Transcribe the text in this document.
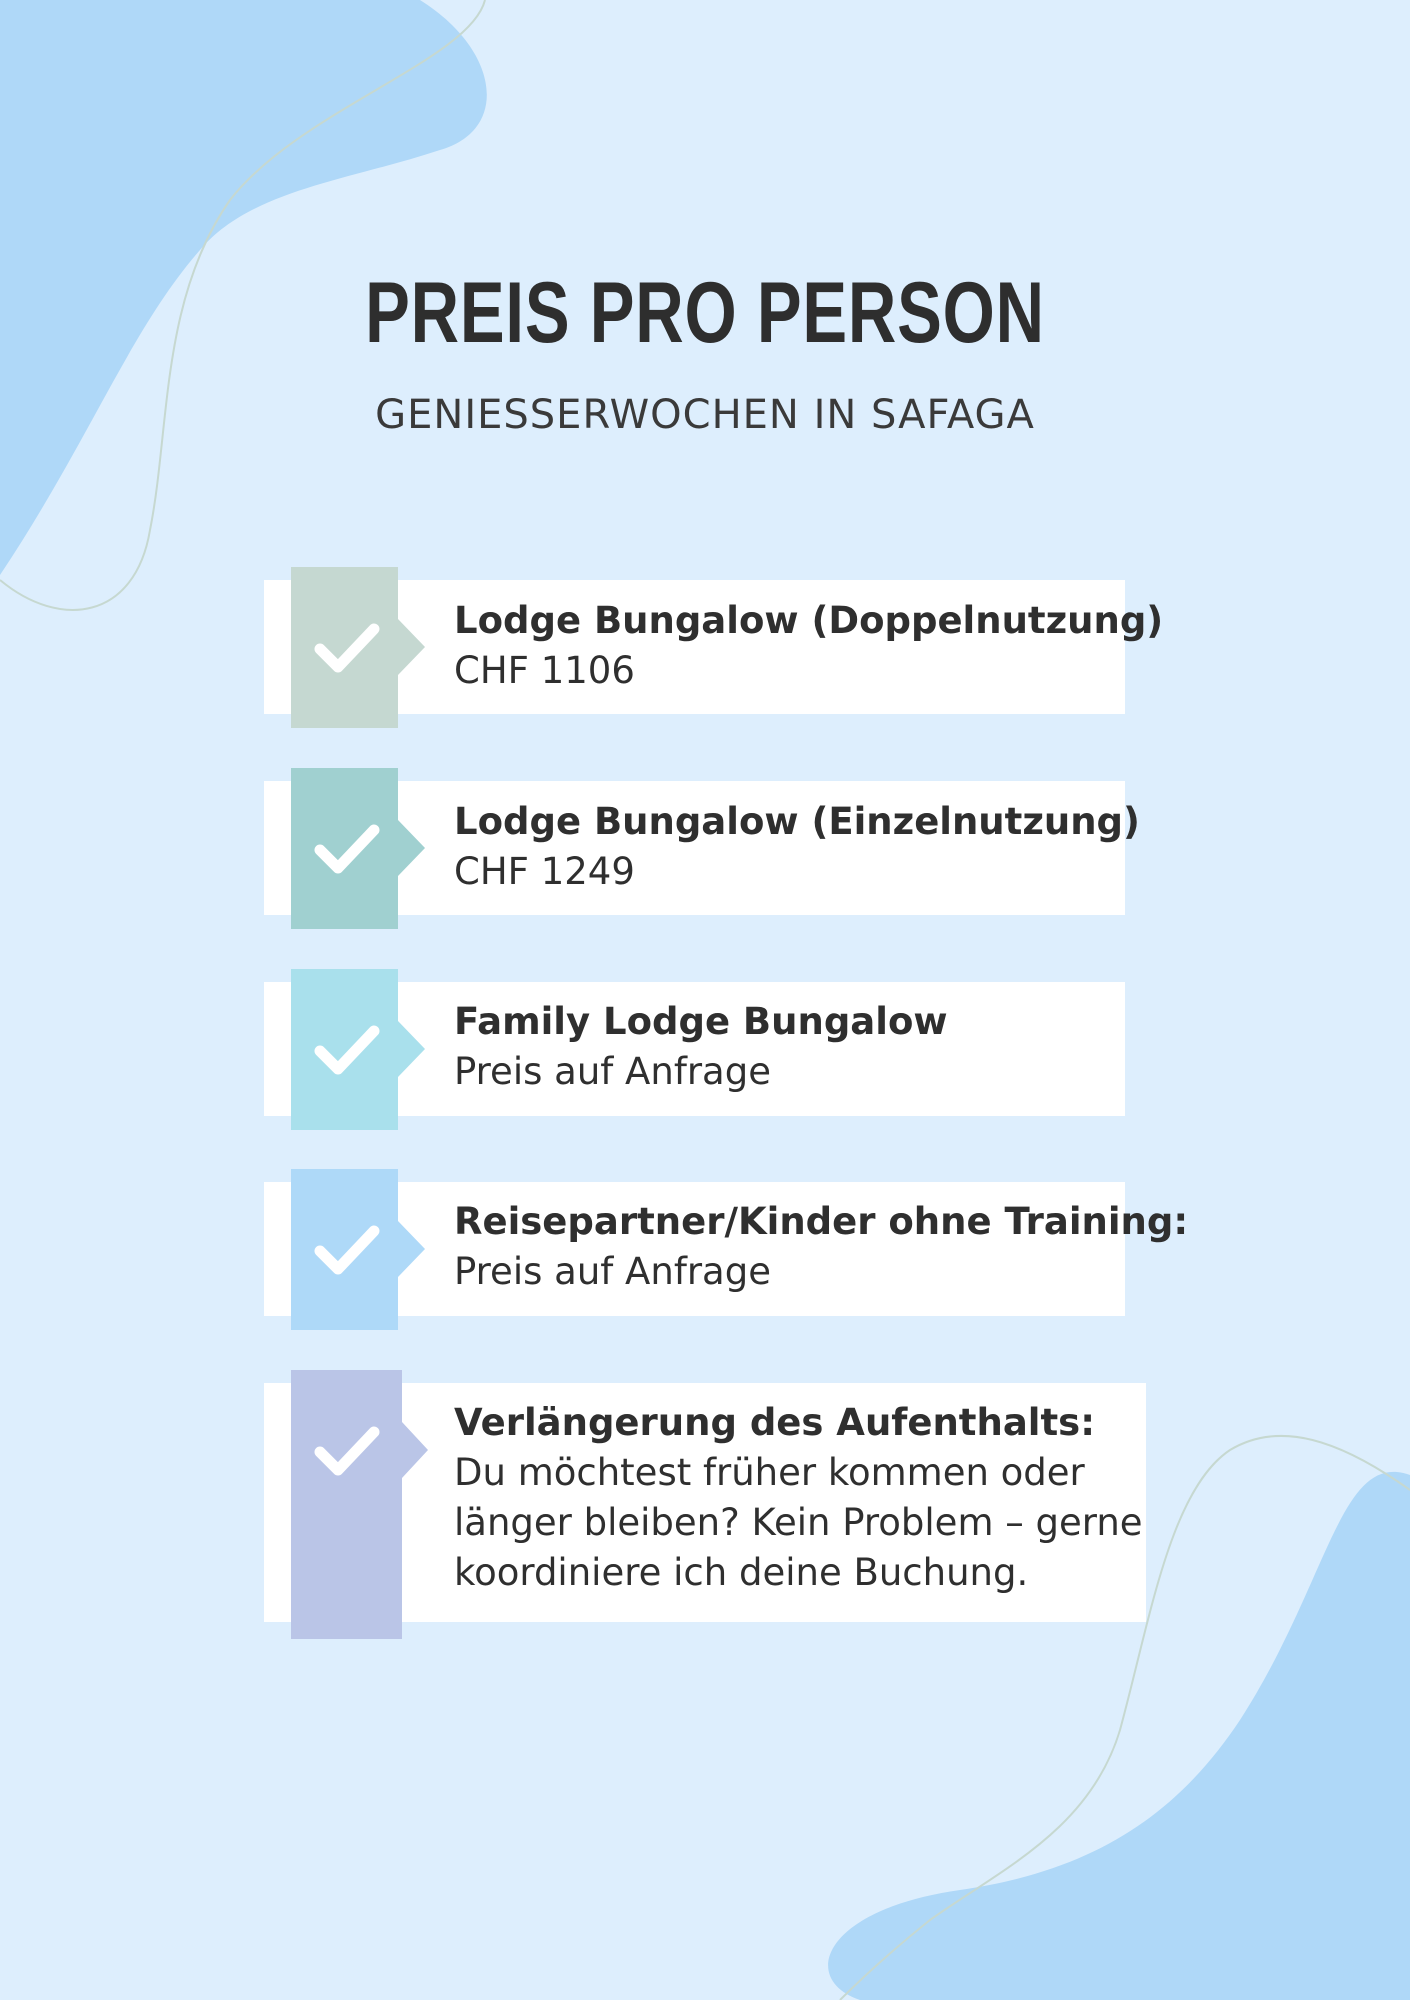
PREIS PRO PERSON
GENIESSERWOCHEN IN SAFAGA
Lodge Bungalow (Doppelnutzung)
CHF 1106
Lodge Bungalow (Einzelnutzung)
CHF 1249
Family Lodge Bungalow
Preis auf Anfrage
Reisepartner/Kinder ohne Training:
Preis auf Anfrage
Verlängerung des Aufenthalts:
Du möchtest früher kommen oder länger bleiben? Kein Problem – gerne koordiniere ich deine Buchung.
